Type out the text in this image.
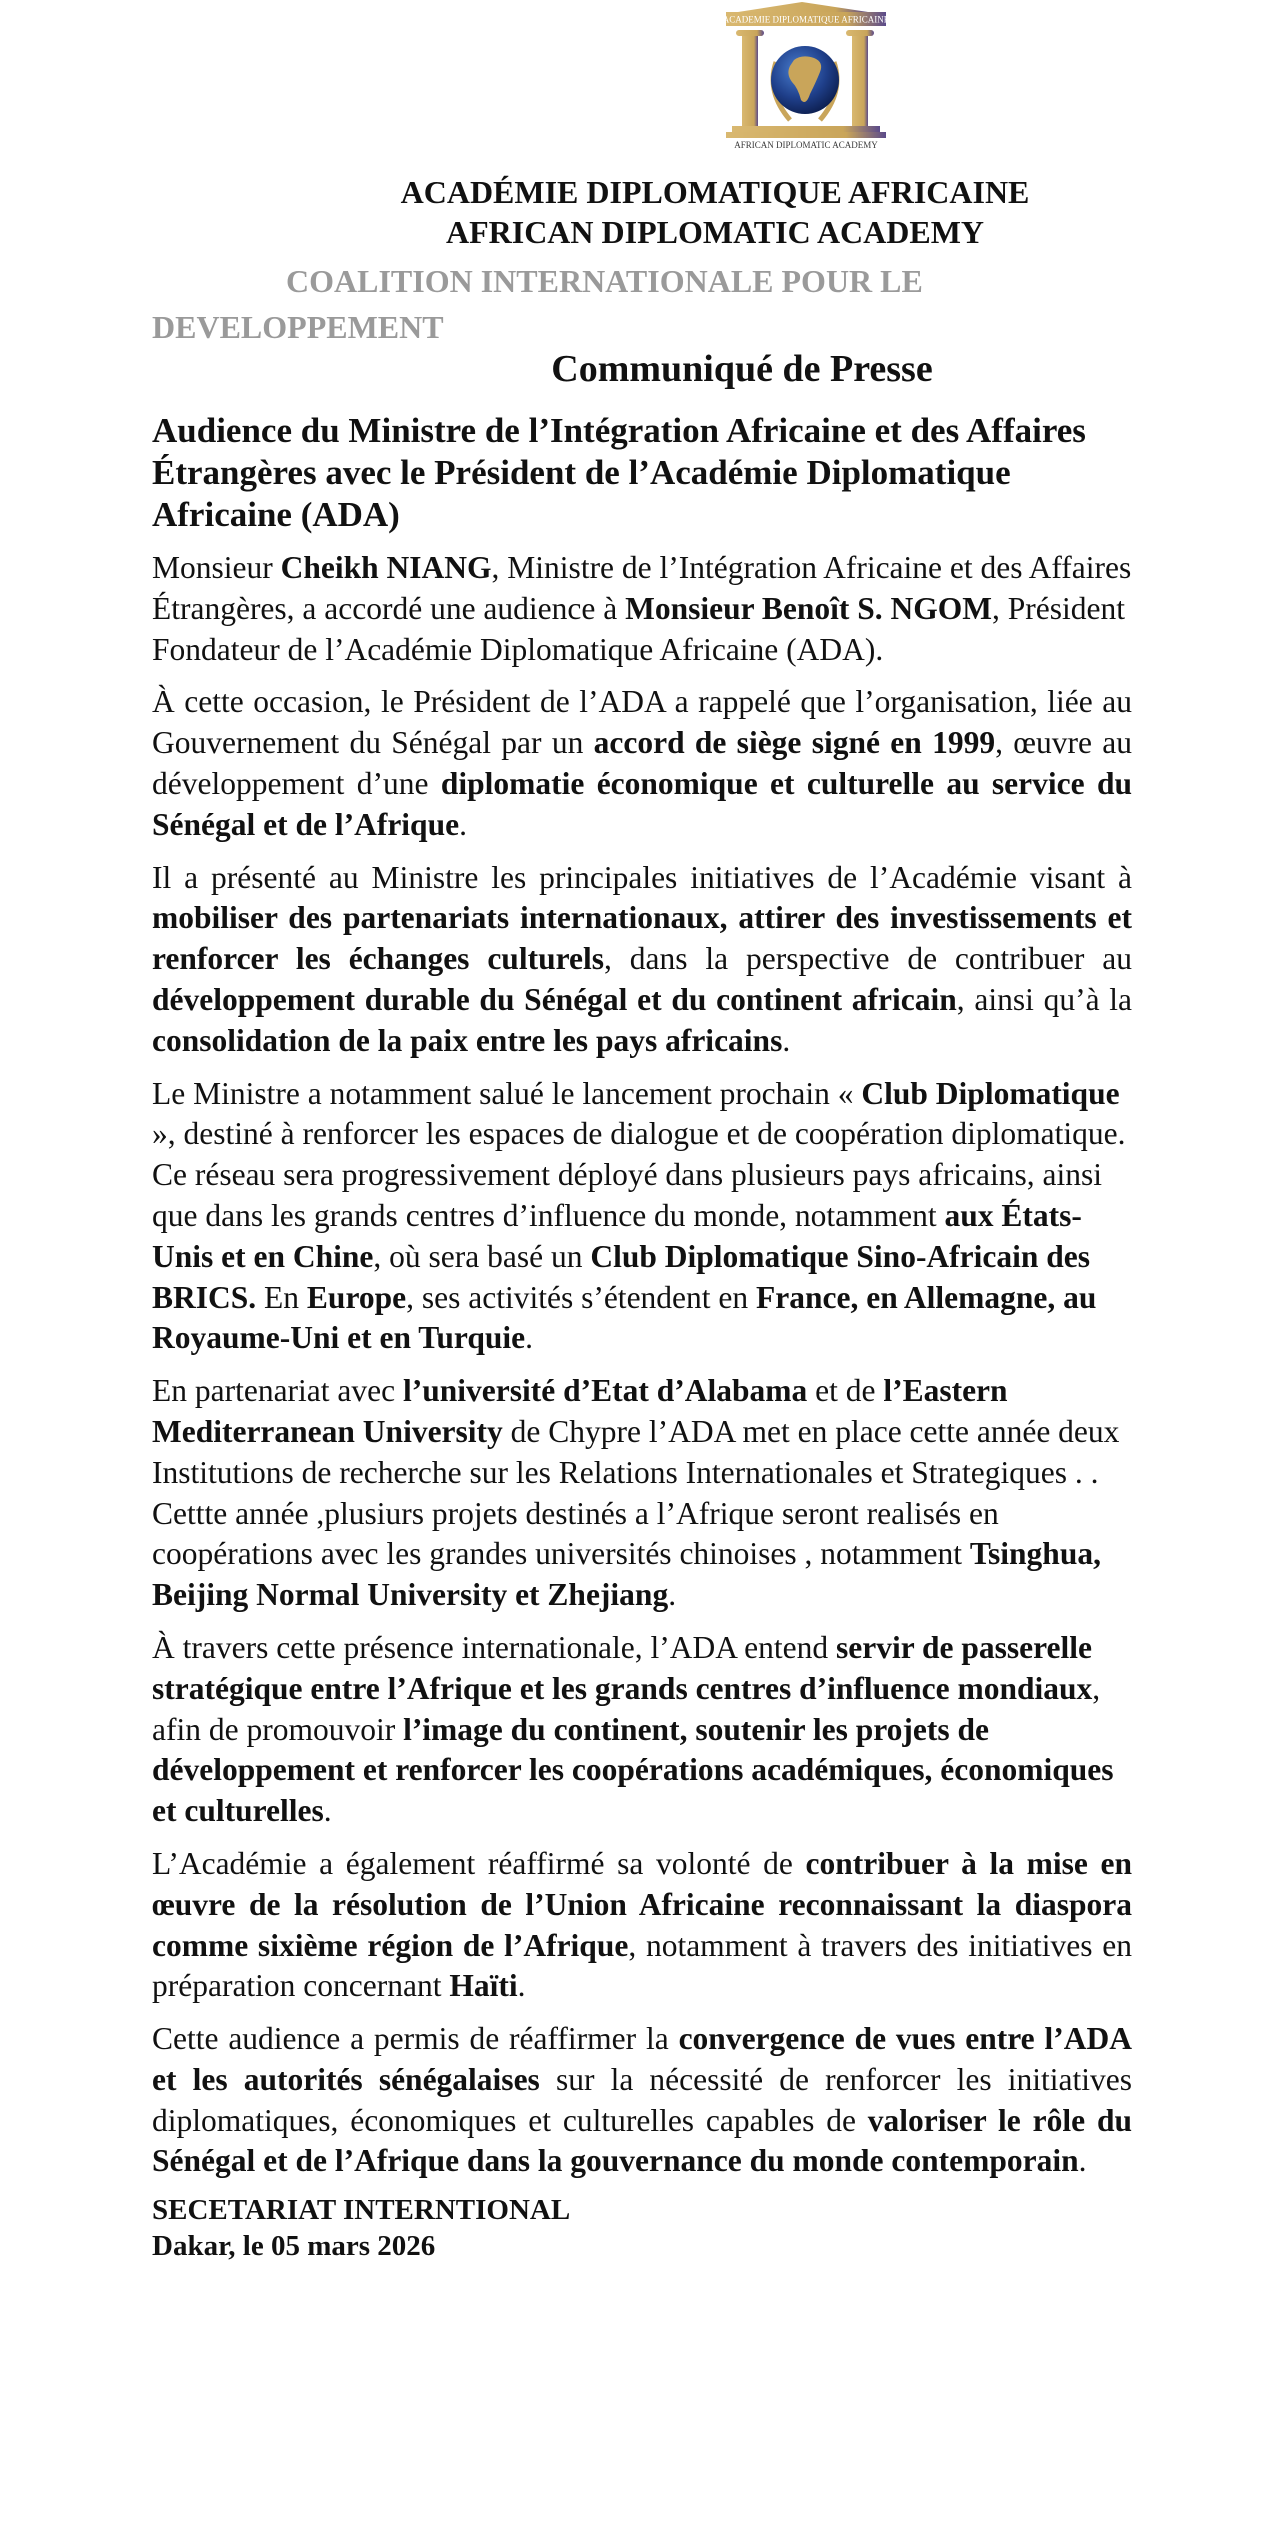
ACADEMIE DIPLOMATIQUE AFRICAINE
AFRICAN DIPLOMATIC ACADEMY
ACADÉMIE DIPLOMATIQUE AFRICAINE
AFRICAN DIPLOMATIC ACADEMY
COALITION INTERNATIONALE POUR LE DEVELOPPEMENT
Communiqué de Presse
Audience du Ministre de l’Intégration Africaine et des Affaires Étrangères avec le Président de l’Académie Diplomatique Africaine (ADA)

Monsieur Cheikh NIANG, Ministre de l’Intégration Africaine et des Affaires Étrangères, a accordé une audience à Monsieur Benoît S. NGOM, Président Fondateur de l’Académie Diplomatique Africaine (ADA).

À cette occasion, le Président de l’ADA a rappelé que l’organisation, liée au Gouvernement du Sénégal par un accord de siège signé en 1999, œuvre au développement d’une diplomatie économique et culturelle au service du Sénégal et de l’Afrique.

Il a présenté au Ministre les principales initiatives de l’Académie visant à mobiliser des partenariats internationaux, attirer des investissements et renforcer les échanges culturels, dans la perspective de contribuer au développement durable du Sénégal et du continent africain, ainsi qu’à la consolidation de la paix entre les pays africains.

Le Ministre a notamment salué le lancement prochain « Club Diplomatique », destiné à renforcer les espaces de dialogue et de coopération diplomatique. Ce réseau sera progressivement déployé dans plusieurs pays africains, ainsi que dans les grands centres d’influence du monde, notamment aux États-Unis et en Chine, où sera basé un Club Diplomatique Sino-Africain des BRICS. En Europe, ses activités s’étendent en France, en Allemagne, au Royaume-Uni et en Turquie.

En partenariat avec l’université d’Etat d’Alabama et de l’Eastern Mediterranean University de Chypre l’ADA met en place cette année deux Institutions de recherche sur les Relations Internationales et Strategiques . .

Cettte année ,plusiurs projets destinés a l’Afrique seront realisés en coopérations avec les grandes universités chinoises , notamment Tsinghua, Beijing Normal University et Zhejiang.

À travers cette présence internationale, l’ADA entend servir de passerelle stratégique entre l’Afrique et les grands centres d’influence mondiaux, afin de promouvoir l’image du continent, soutenir les projets de développement et renforcer les coopérations académiques, économiques et culturelles.

L’Académie a également réaffirmé sa volonté de contribuer à la mise en œuvre de la résolution de l’Union Africaine reconnaissant la diaspora comme sixième région de l’Afrique, notamment à travers des initiatives en préparation concernant Haïti.

Cette audience a permis de réaffirmer la convergence de vues entre l’ADA et les autorités sénégalaises sur la nécessité de renforcer les initiatives diplomatiques, économiques et culturelles capables de valoriser le rôle du Sénégal et de l’Afrique dans la gouvernance du monde contemporain.

SECETARIAT INTERNTIONAL
Dakar, le 05 mars 2026
